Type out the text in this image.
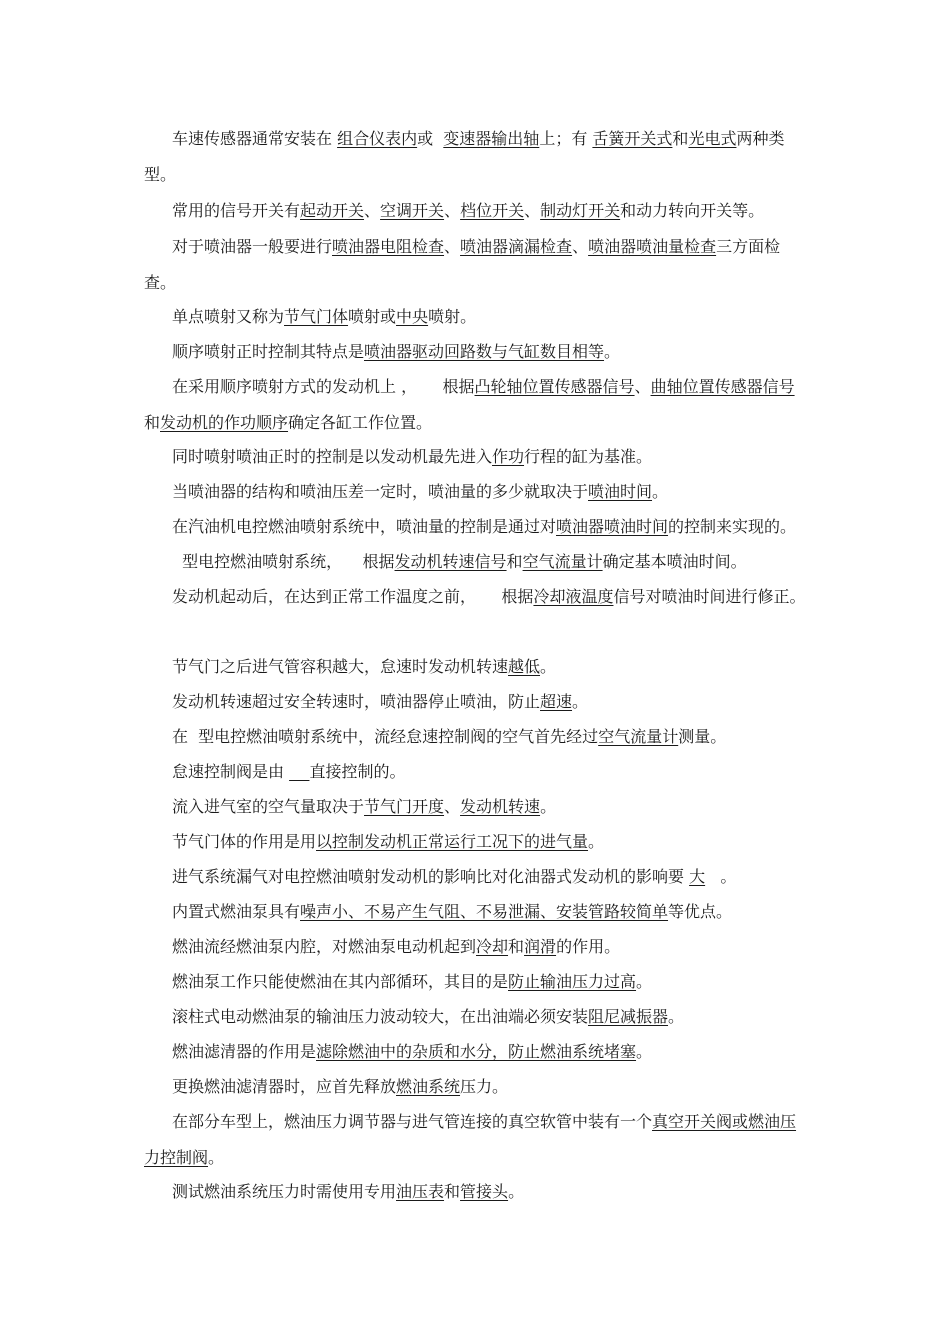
车速传感器通常安装在 组合仪表内或  变速器输出轴上；有 舌簧开关式和光电式两种类型。

常用的信号开关有起动开关、空调开关、档位开关、制动灯开关和动力转向开关等。

对于喷油器一般要进行喷油器电阻检查、喷油器滴漏检查、喷油器喷油量检查三方面检查。

单点喷射又称为节气门体喷射或中央喷射。

顺序喷射正时控制其特点是喷油器驱动回路数与气缸数目相等。

在采用顺序喷射方式的发动机上 ，     根据凸轮轴位置传感器信号、曲轴位置传感器信号和发动机的作功顺序确定各缸工作位置。

同时喷射喷油正时的控制是以发动机最先进入作功行程的缸为基准。

当喷油器的结构和喷油压差一定时，喷油量的多少就取决于喷油时间。

在汽油机电控燃油喷射系统中，喷油量的控制是通过对喷油器喷油时间的控制来实现的。

型电控燃油喷射系统，    根据发动机转速信号和空气流量计确定基本喷油时间。

发动机起动后，在达到正常工作温度之前，     根据冷却液温度信号对喷油时间进行修正。

节气门之后进气管容积越大，怠速时发动机转速越低。

发动机转速超过安全转速时，喷油器停止喷油，防止超速。

在  型电控燃油喷射系统中，流经怠速控制阀的空气首先经过空气流量计测量。

怠速控制阀是由     直接控制的。

流入进气室的空气量取决于节气门开度、发动机转速。

节气门体的作用是用以控制发动机正常运行工况下的进气量。

进气系统漏气对电控燃油喷射发动机的影响比对化油器式发动机的影响要 大   。

内置式燃油泵具有噪声小、不易产生气阻、不易泄漏、安装管路较简单等优点。

燃油流经燃油泵内腔，对燃油泵电动机起到冷却和润滑的作用。

燃油泵工作只能使燃油在其内部循环，其目的是防止输油压力过高。

滚柱式电动燃油泵的输油压力波动较大，在出油端必须安装阻尼减振器。

燃油滤清器的作用是滤除燃油中的杂质和水分，防止燃油系统堵塞。

更换燃油滤清器时，应首先释放燃油系统压力。

在部分车型上，燃油压力调节器与进气管连接的真空软管中装有一个真空开关阀或燃油压力控制阀。

测试燃油系统压力时需使用专用油压表和管接头。
